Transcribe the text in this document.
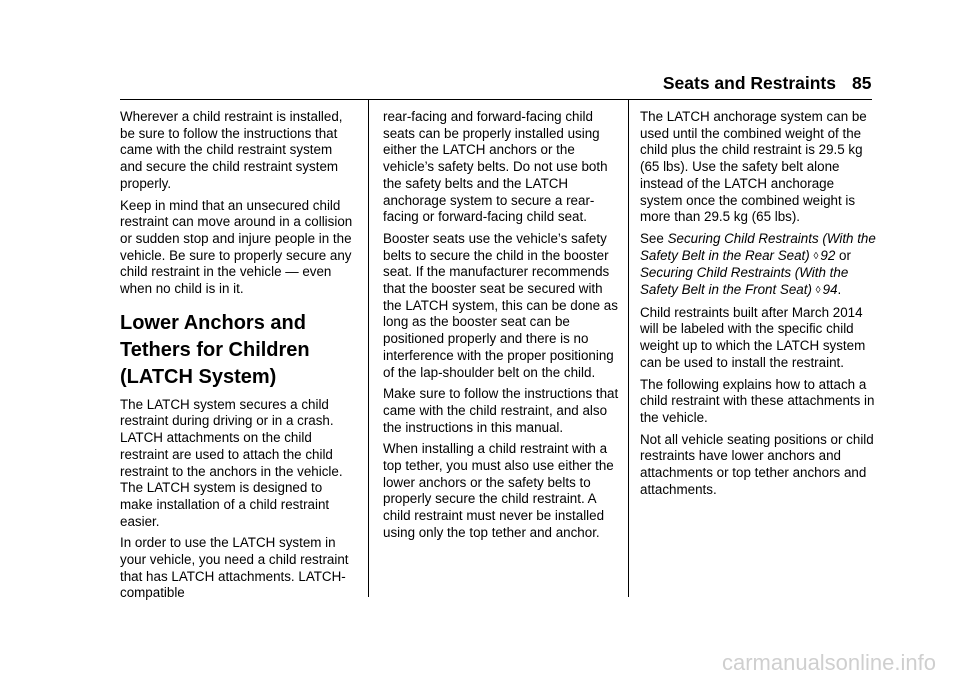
Seats and Restraints 85

Wherever a child restraint is installed, be sure to follow the instructions that came with the child restraint system and secure the child restraint system properly.

Keep in mind that an unsecured child restraint can move around in a collision or sudden stop and injure people in the vehicle. Be sure to properly secure any child restraint in the vehicle — even when no child is in it.

Lower Anchors and
Tethers for Children
(LATCH System)

The LATCH system secures a child restraint during driving or in a crash. LATCH attachments on the child restraint are used to attach the child restraint to the anchors in the vehicle. The LATCH system is designed to make installation of a child restraint easier.

In order to use the LATCH system in your vehicle, you need a child restraint that has LATCH attachments. LATCH-compatible

rear-facing and forward-facing child seats can be properly installed using either the LATCH anchors or the vehicle’s safety belts. Do not use both the safety belts and the LATCH anchorage system to secure a rear-facing or forward-facing child seat.

Booster seats use the vehicle’s safety belts to secure the child in the booster seat. If the manufacturer recommends that the booster seat be secured with the LATCH system, this can be done as long as the booster seat can be positioned properly and there is no interference with the proper positioning of the lap-shoulder belt on the child.

Make sure to follow the instructions that came with the child restraint, and also the instructions in this manual.

When installing a child restraint with a top tether, you must also use either the lower anchors or the safety belts to properly secure the child restraint. A child restraint must never be installed using only the top tether and anchor.

The LATCH anchorage system can be used until the combined weight of the child plus the child restraint is 29.5 kg (65 lbs). Use the safety belt alone instead of the LATCH anchorage system once the combined weight is more than 29.5 kg (65 lbs).

See Securing Child Restraints (With the Safety Belt in the Rear Seat) ◊ 92 or Securing Child Restraints (With the Safety Belt in the Front Seat) ◊ 94.

Child restraints built after March 2014 will be labeled with the specific child weight up to which the LATCH system can be used to install the restraint.

The following explains how to attach a child restraint with these attachments in the vehicle.

Not all vehicle seating positions or child restraints have lower anchors and attachments or top tether anchors and attachments.

carmanualsonline.info
